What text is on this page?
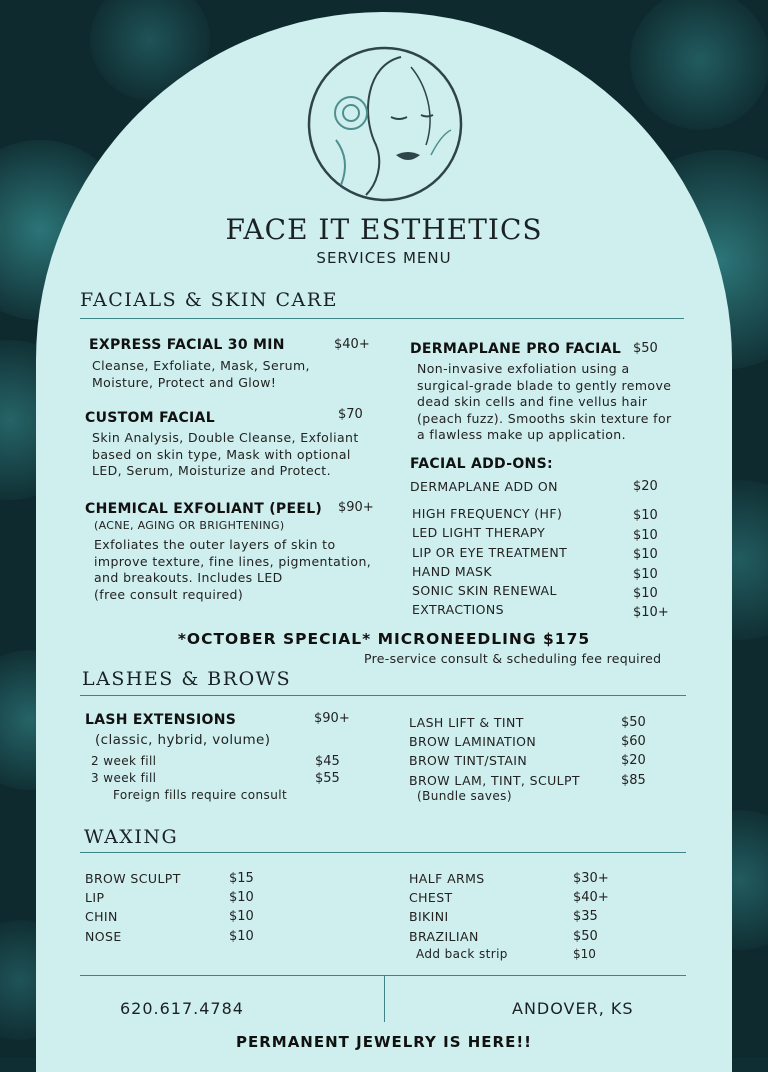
FACE IT ESTHETICS
SERVICES MENU
FACIALS & SKIN CARE
EXPRESS FACIAL 30 MIN	$40+
Cleanse, Exfoliate, Mask, Serum,
Moisture, Protect and Glow!
CUSTOM FACIAL	$70
Skin Analysis, Double Cleanse, Exfoliant
based on skin type, Mask with optional
LED, Serum, Moisturize and Protect.
CHEMICAL EXFOLIANT (PEEL) $90+
(ACNE, AGING OR BRIGHTENING)
Exfoliates the outer layers of skin to
improve texture, fine lines, pigmentation,
and breakouts. Includes LED
(free consult required)
DERMAPLANE PRO FACIAL $50
Non-invasive exfoliation using a
surgical-grade blade to gently remove
dead skin cells and fine vellus hair
(peach fuzz). Smooths skin texture for
a flawless make up application.
FACIAL ADD-ONS:
DERMAPLANE ADD ON	$20
HIGH FREQUENCY (HF)	$10
LED LIGHT THERAPY	$10
LIP OR EYE TREATMENT	$10
HAND MASK	$10
SONIC SKIN RENEWAL	$10
EXTRACTIONS	$10+
*OCTOBER SPECIAL* MICRONEEDLING $175
Pre-service consult & scheduling fee required
LASHES & BROWS
LASH EXTENSIONS	$90+
(classic, hybrid, volume)
2 week fill	$45
3 week fill	$55
Foreign fills require consult
LASH LIFT & TINT	$50
BROW LAMINATION	$60
BROW TINT/STAIN	$20
BROW LAM, TINT, SCULPT	$85
(Bundle saves)
WAXING
BROW SCULPT	$15
LIP	$10
CHIN	$10
NOSE	$10
HALF ARMS	$30+
CHEST	$40+
BIKINI	$35
BRAZILIAN	$50
Add back strip	$10
620.617.4784	ANDOVER, KS
PERMANENT JEWELRY IS HERE!!
